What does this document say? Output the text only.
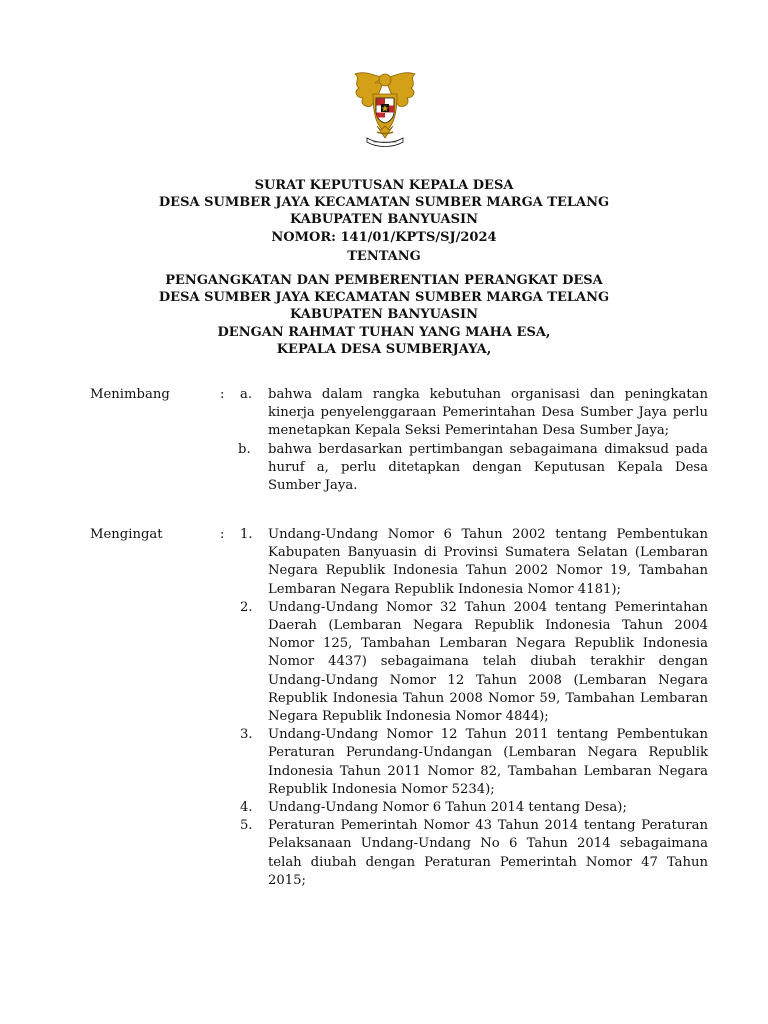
SURAT KEPUTUSAN KEPALA DESA
DESA SUMBER JAYA KECAMATAN SUMBER MARGA TELANG
KABUPATEN BANYUASIN
NOMOR: 141/01/KPTS/SJ/2024
TENTANG
PENGANGKATAN DAN PEMBERENTIAN PERANGKAT DESA
DESA SUMBER JAYA KECAMATAN SUMBER MARGA TELANG
KABUPATEN BANYUASIN
DENGAN RAHMAT TUHAN YANG MAHA ESA,
KEPALA DESA SUMBERJAYA,
Menimbang	: a. bahwa dalam rangka kebutuhan organisasi dan peningkatan kinerja penyelenggaraan Pemerintahan Desa Sumber Jaya perlu menetapkan Kepala Seksi Pemerintahan Desa Sumber Jaya;
b. bahwa berdasarkan pertimbangan sebagaimana dimaksud pada huruf a, perlu ditetapkan dengan Keputusan Kepala Desa Sumber Jaya.
Mengingat	: 1. Undang-Undang Nomor 6 Tahun 2002 tentang Pembentukan Kabupaten Banyuasin di Provinsi Sumatera Selatan (Lembaran Negara Republik Indonesia Tahun 2002 Nomor 19, Tambahan Lembaran Negara Republik Indonesia Nomor 4181);
2. Undang-Undang Nomor 32 Tahun 2004 tentang Pemerintahan Daerah (Lembaran Negara Republik Indonesia Tahun 2004 Nomor 125, Tambahan Lembaran Negara Republik Indonesia Nomor 4437) sebagaimana telah diubah terakhir dengan Undang-Undang Nomor 12 Tahun 2008 (Lembaran Negara Republik Indonesia Tahun 2008 Nomor 59, Tambahan Lembaran Negara Republik Indonesia Nomor 4844);
3. Undang-Undang Nomor 12 Tahun 2011 tentang Pembentukan Peraturan Perundang-Undangan (Lembaran Negara Republik Indonesia Tahun 2011 Nomor 82, Tambahan Lembaran Negara Republik Indonesia Nomor 5234);
4. Undang-Undang Nomor 6 Tahun 2014 tentang Desa);
5. Peraturan Pemerintah Nomor 43 Tahun 2014 tentang Peraturan Pelaksanaan Undang-Undang No 6 Tahun 2014 sebagaimana telah diubah dengan Peraturan Pemerintah Nomor 47 Tahun 2015;
